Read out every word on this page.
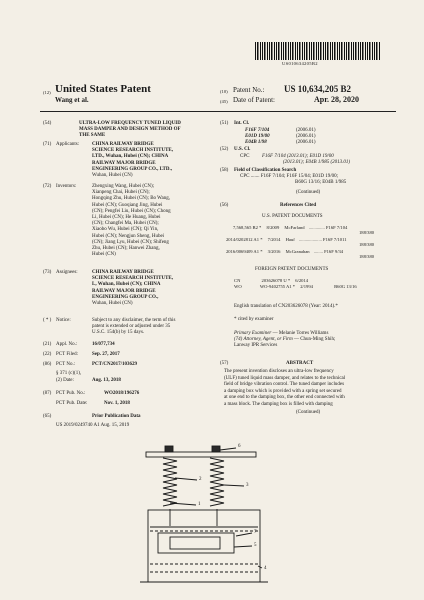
US010634205B2
(12) United States Patent
Wang et al.
(10) Patent No.: US 10,634,205 B2
(45) Date of Patent:	Apr. 28, 2020
(54)	ULTRA-LOW FREQUENCY TUNED LIQUID

MASS DAMPER AND DESIGN METHOD OF

THE SAME

(71) Applicants:	CHINA RAILWAY BRIDGE

SCIENCE RESEARCH INSTITUTE,

LTD., Wuhan, Hubei (CN); CHINA

RAILWAY MAJOR BRIDGE

ENGINEERING GROUP CO., LTD.,

Wuhan, Hubei (CN)

(72) Inventors:	Zhengxing Wang, Hubei (CN);

Xianpeng Chai, Hubei (CN);

Hongqing Zhu, Hubei (CN); Bo Wang,

Hubei (CN); Guoqiang Jing, Hubei

(CN); Pengfei Liu, Hubei (CN); Chong

Li, Hubei (CN); He Huang, Hubei

(CN); Changfei Ma, Hubei (CN);

Xiaobo Wu, Hubei (CN); Qi Yin,

Hubei (CN); Nengjun Sheng, Hubei

(CN); Jiang Lyu, Hubei (CN); Shifeng

Zhu, Hubei (CN); Hanwei Zhang,

Hubei (CN)

(73) Assignees:	CHINA RAILWAY BRIDGE

SCIENCE RESEARCH INSTITUTE,

L, Wuhan, Hubei (CN); CHINA

RAILWAY MAJOR BRIDGE

ENGINEERING GROUP CO.,

Wuhan, Hubei (CN)

( * ) Notice:	Subject to any disclaimer, the term of this

patent is extended or adjusted under 35

U.S.C. 154(b) by 15 days.

(21) Appl. No.:	16/077,734
(22) PCT Filed:	Sep. 27, 2017
(86) PCT No.:	PCT/CN2017/103629
§ 371 (c)(1),
(2) Date:	Aug. 13, 2018
(87) PCT Pub. No.:	WO2018/196276
PCT Pub. Date:	Nov. 1, 2018
(65)	Prior Publication Data
US 2019/0249740 A1 Aug. 15, 2019
(51) Int. Cl.
F16F 7/104	(2006.01)
E01D 19/00	(2006.01)
E04B 1/98	(2006.01)
(52) U.S. Cl.
CPC	F16F 7/104 (2013.01); E01D 19/00
(2013.01); E04B 1/985 (2013.01)
(58) Field of Classification Search
CPC ....... F16F 7/104; F16F 15/04; E01D 19/00;
B60G 13/16; E04B 1/985
(Continued)
(56)	References Cited
U.S. PATENT DOCUMENTS
7,568,565 B2 * 8/2009 McFarland .............. F16F 7/104
188/380
2014/0202812 A1 * 7/2014 Hauf .................... F16F 7/1011
188/380
2016/0069409 A1 * 3/2016 McGranahan ........ F16F 9/34
188/380
FOREIGN PATENT DOCUMENTS
CN	203626078 U * 6/2014
WO	WO-9402755 A1 * 2/1994	B60G 13/16
English translation of CN203626078 (Year: 2014).*
* cited by examiner
Primary Examiner — Melanie Torres Williams
(74) Attorney, Agent, or Firm — Chun-Ming Shih;
Lanway IPR Services
(57)	ABSTRACT

The present invention discloses an ultra-low frequency

(ULF) tuned liquid mass damper, and relates to the technical

field of bridge vibration control. The tuned damper includes

a damping box which is provided with a spring set secured

at one end to the damping box, the other end connected with

a mass block. The damping box is filled with damping

(Continued)
6
2
3
1
7
5
4
